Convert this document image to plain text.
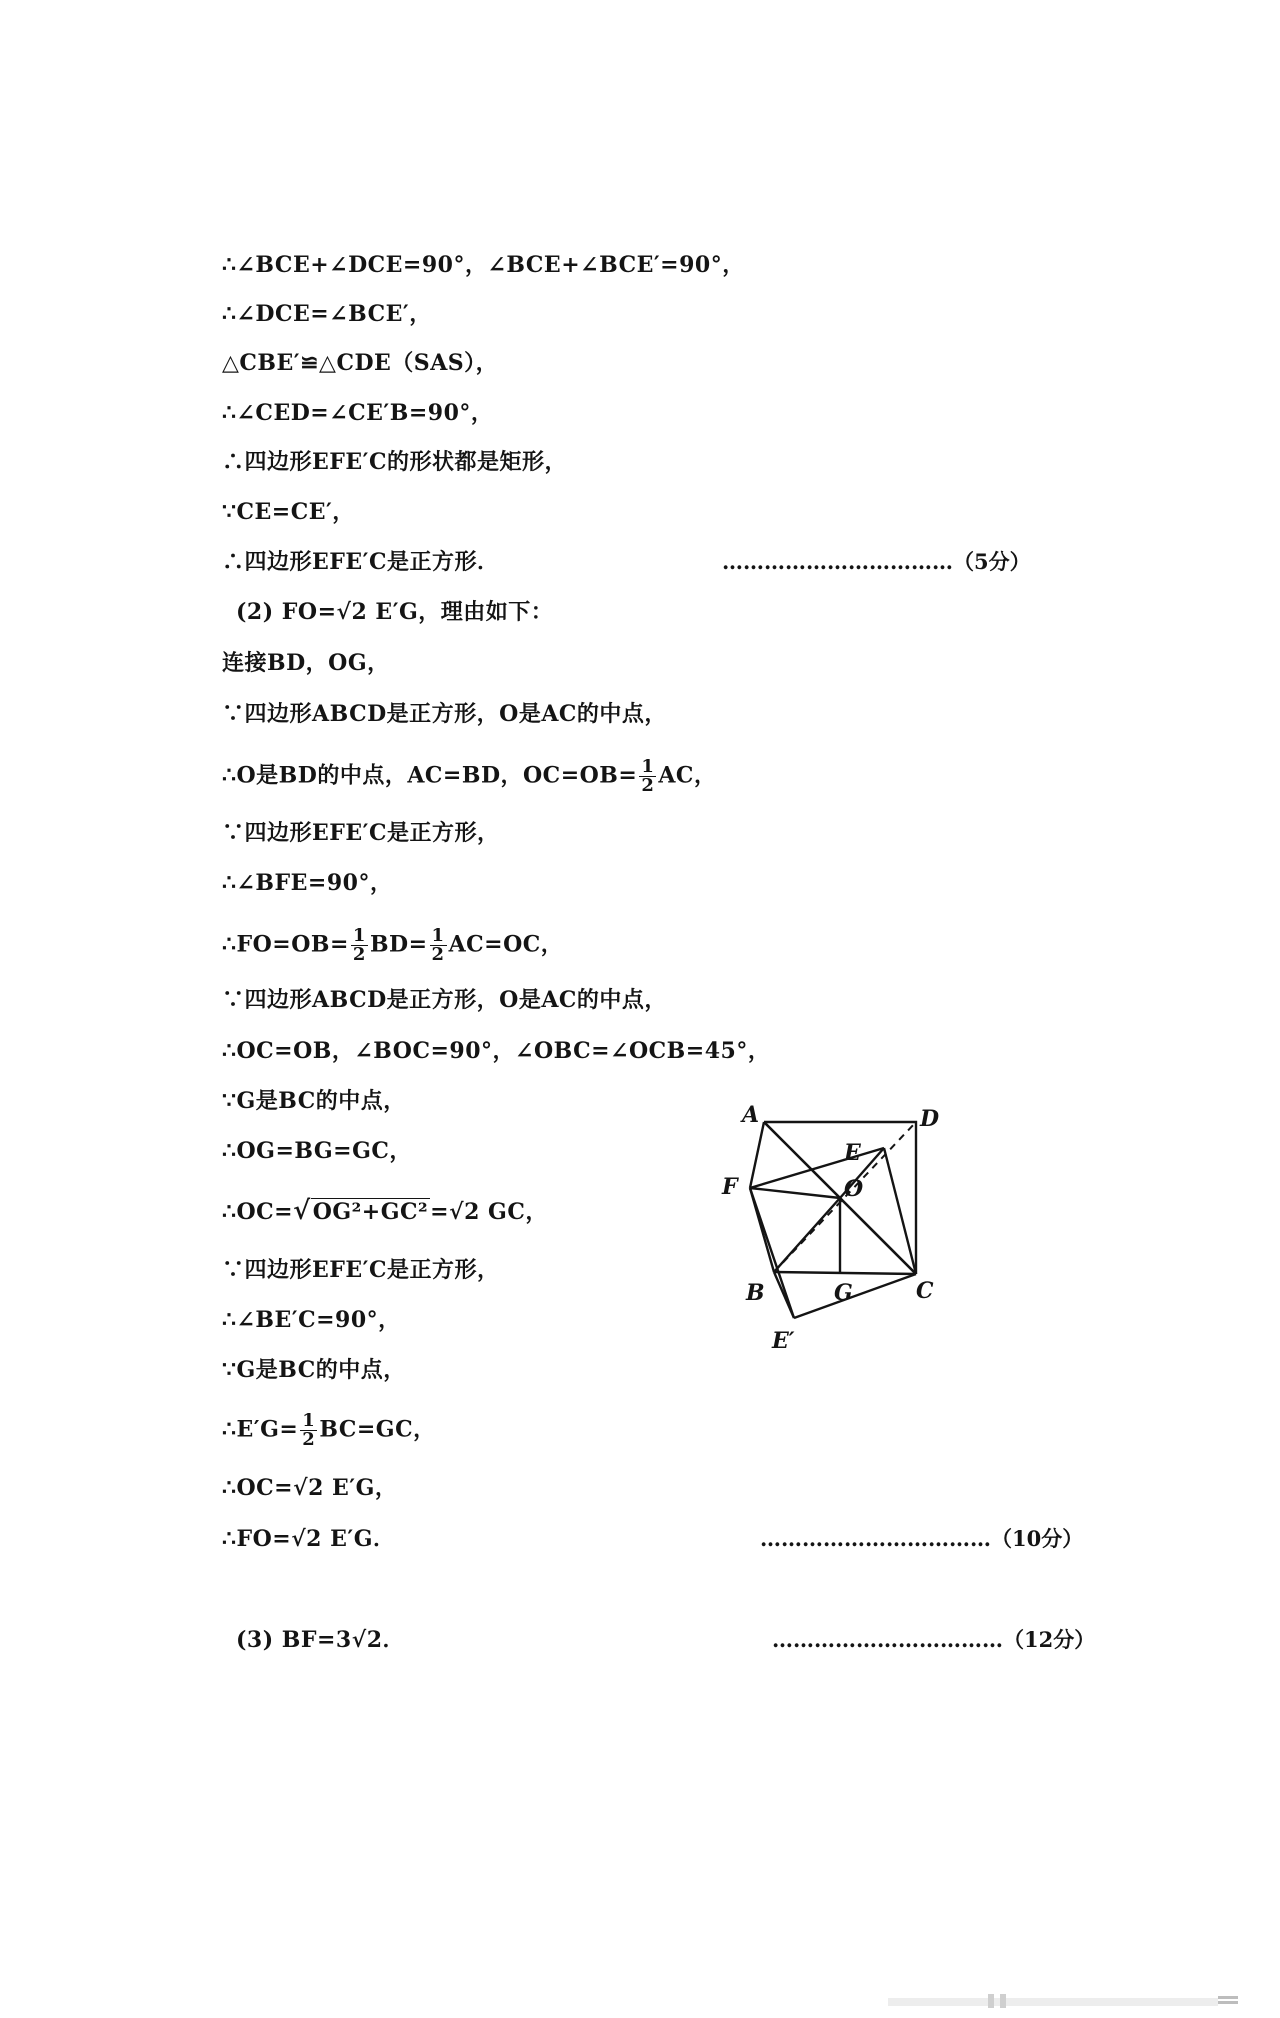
∴∠BCE+∠DCE=90°，∠BCE+∠BCE′=90°，
∴∠DCE=∠BCE′，
△CBE′≌△CDE（SAS），
∴∠CED=∠CE′B=90°，
∴四边形EFE′C的形状都是矩形，
∵CE=CE′，
∴四边形EFE′C是正方形．	……………………………（5分）
(2) FO=√2 E′G，理由如下：
连接BD，OG，
∵四边形ABCD是正方形，O是AC的中点，
∴O是BD的中点，AC=BD，$OC=OB= \frac{1}{2}$ AC，
∵四边形EFE′C是正方形，
∴∠BFE=90°，
∴FO=OB= $\frac{1}{2} BD= \frac{1}{2} AC=OC$，
∵四边形ABCD是正方形，O是AC的中点，
∴OC=OB，∠BOC=90°，∠OBC=∠OCB=45°，
∵G是BC的中点，
∴OG=BG=GC，
∴OC=√OG²+GC²=√2 GC，
∵四边形EFE′C是正方形，
∴∠BE′C=90°，
∵G是BC的中点，
∴E′G= $\frac{1}{2} BC=GC$，
∴OC=√2 E′G，
∴FO=√2 E′G．	……………………………（10分）
(3) BF=3√2．	……………………………（12分）
A	D
E
F	O
B	G	C
E′
